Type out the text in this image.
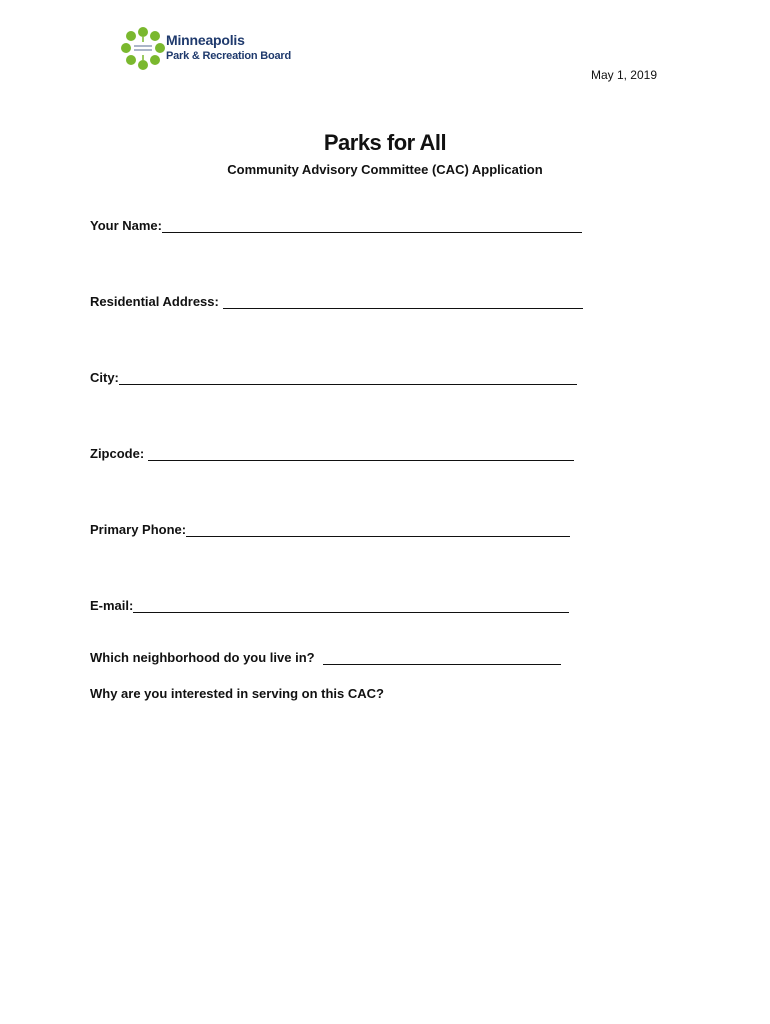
Minneapolis
Park & Recreation Board
May 1, 2019
Parks for All
Community Advisory Committee (CAC) Application
Your Name:
Residential Address:
City:
Zipcode:
Primary Phone:
E-mail:
Which neighborhood do you live in?
Why are you interested in serving on this CAC?
